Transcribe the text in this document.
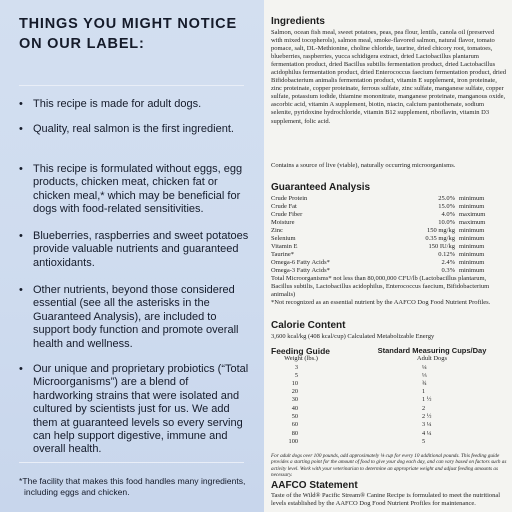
THINGS YOU MIGHT NOTICE ON OUR LABEL:
• This recipe is made for adult dogs.
• Quality, real salmon is the first ingredient.
• This recipe is formulated without eggs, egg products, chicken meat, chicken fat or chicken meal,* which may be beneficial for dogs with food-related sensitivities.
• Blueberries, raspberries and sweet potatoes provide valuable nutrients and guaranteed antioxidants.
• Other nutrients, beyond those considered essential (see all the asterisks in the Guaranteed Analysis), are included to support body function and promote overall health and wellness.
• Our unique and proprietary probiotics (“Total Microorganisms”) are a blend of hardworking strains that were isolated and cultured by scientists just for us. We add them at guaranteed levels so every serving can help support digestive, immune and overall health.
*The facility that makes this food handles many ingredients, including eggs and chicken.
Ingredients
Salmon, ocean fish meal, sweet potatoes, peas, pea flour, lentils, canola oil (preserved with mixed tocopherols), salmon meal, smoke-flavored salmon, natural flavor, tomato pomace, salt, DL-Methionine, choline chloride, taurine, dried chicory root, tomatoes, blueberries, raspberries, yucca schidigera extract, dried Lactobacillus plantarum fermentation product, dried Bacillus subtilis fermentation product, dried Lactobacillus acidophilus fermentation product, dried Enterococcus faecium fermentation product, dried Bifidobacterium animalis fermentation product, vitamin E supplement, iron proteinate, zinc proteinate, copper proteinate, ferrous sulfate, zinc sulfate, manganese sulfate, copper sulfate, potassium iodide, thiamine mononitrate, manganese proteinate, manganous oxide, ascorbic acid, vitamin A supplement, biotin, niacin, calcium pantothenate, sodium selenite, pyridoxine hydrochloride, vitamin B12 supplement, riboflavin, vitamin D3 supplement, folic acid.
Contains a source of live (viable), naturally occurring microorganisms.
Guaranteed Analysis
Crude Protein	25.0% minimum
Crude Fat	15.0% minimum
Crude Fiber	4.0% maximum
Moisture	10.0% maximum
Zinc	150 mg/kg minimum
Selenium	0.35 mg/kg minimum
Vitamin E	150 IU/kg minimum
Taurine*	0.12% minimum
Omega-6 Fatty Acids*	2.4% minimum
Omega-3 Fatty Acids*	0.3% minimum
Total Microorganisms* not less than 80,000,000 CFU/lb (Lactobacillus plantarum, Bacillus subtilis, Lactobacillus acidophilus, Enterococcus faecium, Bifidobacterium animalis)
*Not recognized as an essential nutrient by the AAFCO Dog Food Nutrient Profiles.
Calorie Content
3,600 kcal/kg (408 kcal/cup) Calculated Metabolizable Energy
Feeding Guide	Standard Measuring Cups/Day
Weight (lbs.)	Adult Dogs
3	¼
5	⅓
10	¾
20	1
30	1 ½
40	2
50	2 ½
60	3 ¼
80	4 ¼
100	5
For adult dogs over 100 pounds, add approximately ⅛ cup for every 10 additional pounds. This feeding guide provides a starting point for the amount of food to give your dog each day, and can vary based on factors such as activity level. Work with your veterinarian to determine an appropriate weight and adjust feeding amounts as necessary.
AAFCO Statement
Taste of the Wild® Pacific Stream® Canine Recipe is formulated to meet the nutritional levels established by the AAFCO Dog Food Nutrient Profiles for maintenance.
